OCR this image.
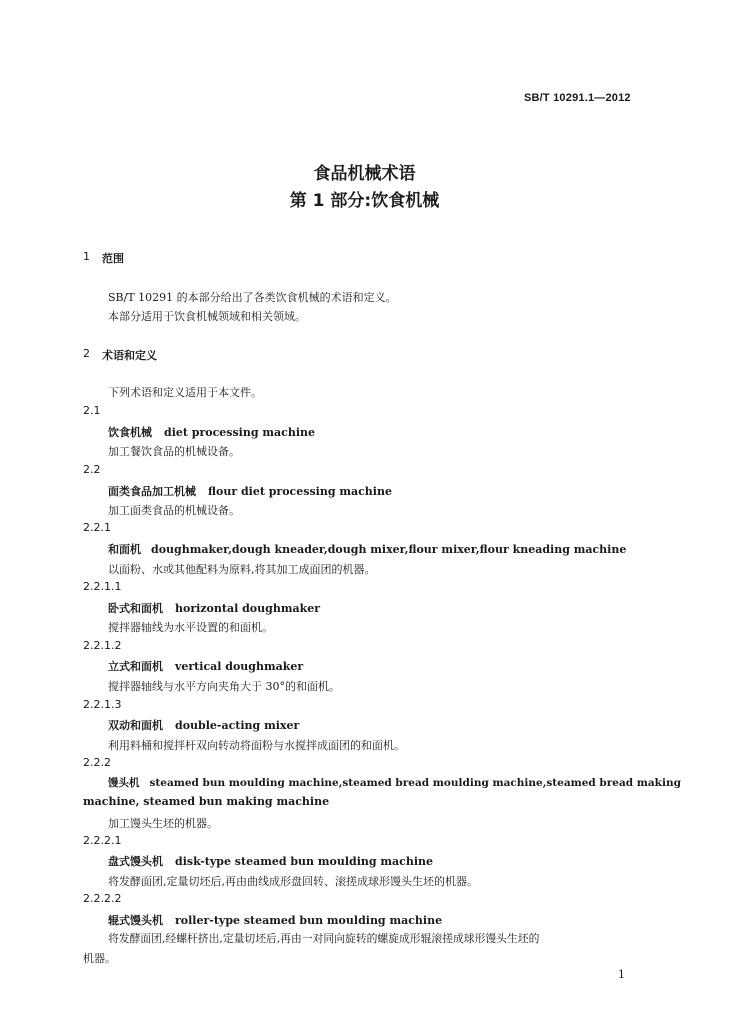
SB/T 10291.1—2012
食品机械术语
第 1 部分:饮食机械
1 范围
SB/T 10291 的本部分给出了各类饮食机械的术语和定义。
本部分适用于饮食机械领域和相关领域。
2 术语和定义
下列术语和定义适用于本文件。
2.1
饮食机械 diet processing machine
加工餐饮食品的机械设备。
2.2
面类食品加工机械 flour diet processing machine
加工面类食品的机械设备。
2.2.1
和面机 doughmaker,dough kneader,dough mixer,flour mixer,flour kneading machine
以面粉、水或其他配料为原料,将其加工成面团的机器。
2.2.1.1
卧式和面机 horizontal doughmaker
搅拌器轴线为水平设置的和面机。
2.2.1.2
立式和面机 vertical doughmaker
搅拌器轴线与水平方向夹角大于 30°的和面机。
2.2.1.3
双动和面机 double-acting mixer
利用料桶和搅拌杆双向转动将面粉与水搅拌成面团的和面机。
2.2.2
馒头机 steamed bun moulding machine,steamed bread moulding machine,steamed bread making
machine, steamed bun making machine
加工馒头生坯的机器。
2.2.2.1
盘式馒头机 disk-type steamed bun moulding machine
将发酵面团,定量切坯后,再由曲线成形盘回转、滚搓成球形馒头生坯的机器。
2.2.2.2
辊式馒头机 roller-type steamed bun moulding machine
将发酵面团,经螺杆挤出,定量切坯后,再由一对同向旋转的螺旋成形辊滚搓成球形馒头生坯的
机器。
1
